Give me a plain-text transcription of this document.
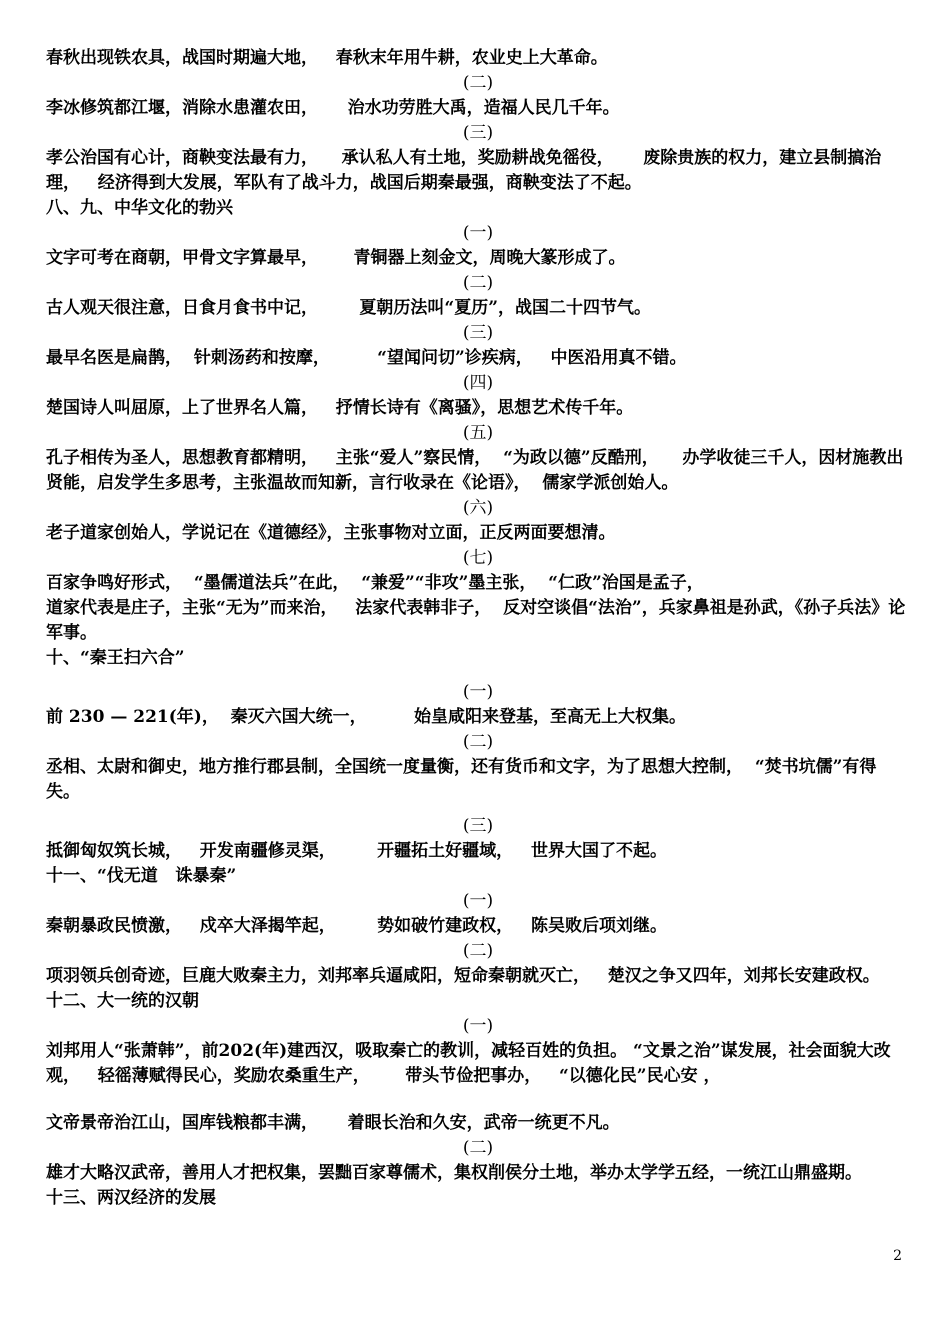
春秋出现铁农具，战国时期遍大地，   春秋末年用牛耕，农业史上大革命。

(二)

李冰修筑都江堰，消除水患灌农田，     治水功劳胜大禹，造福人民几千年。

(三)

孝公治国有心计，商鞅变法最有力，    承认私人有土地，奖励耕战免徭役，     废除贵族的权力，建立县制搞治理，   经济得到大发展，军队有了战斗力，战国后期秦最强，商鞅变法了不起。

八、九、中华文化的勃兴

(一)

文字可考在商朝，甲骨文字算最早，      青铜器上刻金文，周晚大篆形成了。

(二)

古人观天很注意，日食月食书中记，       夏朝历法叫“夏历”，战国二十四节气。

(三)

最早名医是扁鹊，  针刺汤药和按摩，        “望闻问切”诊疾病，   中医沿用真不错。

(四)

楚国诗人叫屈原，上了世界名人篇，   抒情长诗有《离骚》，思想艺术传千年。

(五)

孔子相传为圣人，思想教育都精明，   主张“爱人”察民情，  “为政以德”反酷刑，    办学收徒三千人，因材施教出贤能，启发学生多思考，主张温故而知新，言行收录在《论语》，  儒家学派创始人。

(六)

老子道家创始人，学说记在《道德经》，主张事物对立面，正反两面要想清。

(七)

百家争鸣好形式，  “墨儒道法兵”在此，  “兼爱”“非攻”墨主张，  “仁政”治国是孟子，

道家代表是庄子，主张“无为”而来治，   法家代表韩非子，  反对空谈倡“法治”，兵家鼻祖是孙武，《孙子兵法》论军事。

十、“秦王扫六合”

(一)

前 230 — 221(年)，  秦灭六国大统一，        始皇咸阳来登基，至高无上大权集。

(二)

丞相、太尉和御史，地方推行郡县制，全国统一度量衡，还有货币和文字，为了思想大控制，  “焚书坑儒”有得失。

(三)

抵御匈奴筑长城，   开发南疆修灵渠，       开疆拓土好疆域，   世界大国了不起。

十一、“伐无道   诛暴秦”

(一)

秦朝暴政民愤激，   戍卒大泽揭竿起，       势如破竹建政权，   陈吴败后项刘继。

(二)

项羽领兵创奇迹，巨鹿大败秦主力，刘邦率兵逼咸阳，短命秦朝就灭亡，   楚汉之争又四年，刘邦长安建政权。

十二、大一统的汉朝

(一)

刘邦用人“张萧韩”，前202(年)建西汉，吸取秦亡的教训，减轻百姓的负担。 “文景之治”谋发展，社会面貌大改观，   轻徭薄赋得民心，奖励农桑重生产，      带头节俭把事办，   “以德化民”民心安 ，

文帝景帝治江山，国库钱粮都丰满，     着眼长治和久安，武帝一统更不凡。

(二)

雄才大略汉武帝，善用人才把权集，罢黜百家尊儒术，集权削侯分土地，举办太学学五经，一统江山鼎盛期。

十三、两汉经济的发展

2
